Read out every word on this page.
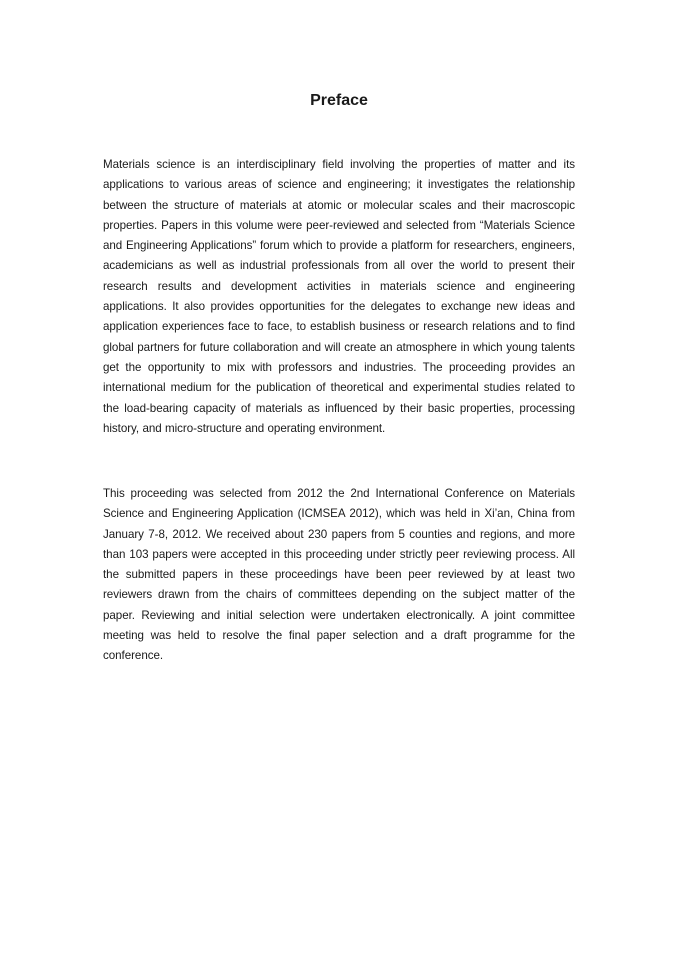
Preface

Materials science is an interdisciplinary field involving the properties of matter and its applications to various areas of science and engineering; it investigates the relationship between the structure of materials at atomic or molecular scales and their macroscopic properties. Papers in this volume were peer-reviewed and selected from “Materials Science and Engineering Applications” forum which to provide a platform for researchers, engineers, academicians as well as industrial professionals from all over the world to present their research results and development activities in materials science and engineering applications. It also provides opportunities for the delegates to exchange new ideas and application experiences face to face, to establish business or research relations and to find global partners for future collaboration and will create an atmosphere in which young talents get the opportunity to mix with professors and industries. The proceeding provides an international medium for the publication of theoretical and experimental studies related to the load-bearing capacity of materials as influenced by their basic properties, processing history, and micro-structure and operating environment.

This proceeding was selected from 2012 the 2nd International Conference on Materials Science and Engineering Application (ICMSEA 2012), which was held in Xi’an, China from January 7-8, 2012. We received about 230 papers from 5 counties and regions, and more than 103 papers were accepted in this proceeding under strictly peer reviewing process. All the submitted papers in these proceedings have been peer reviewed by at least two reviewers drawn from the chairs of committees depending on the subject matter of the paper. Reviewing and initial selection were undertaken electronically. A joint committee meeting was held to resolve the final paper selection and a draft programme for the conference.
